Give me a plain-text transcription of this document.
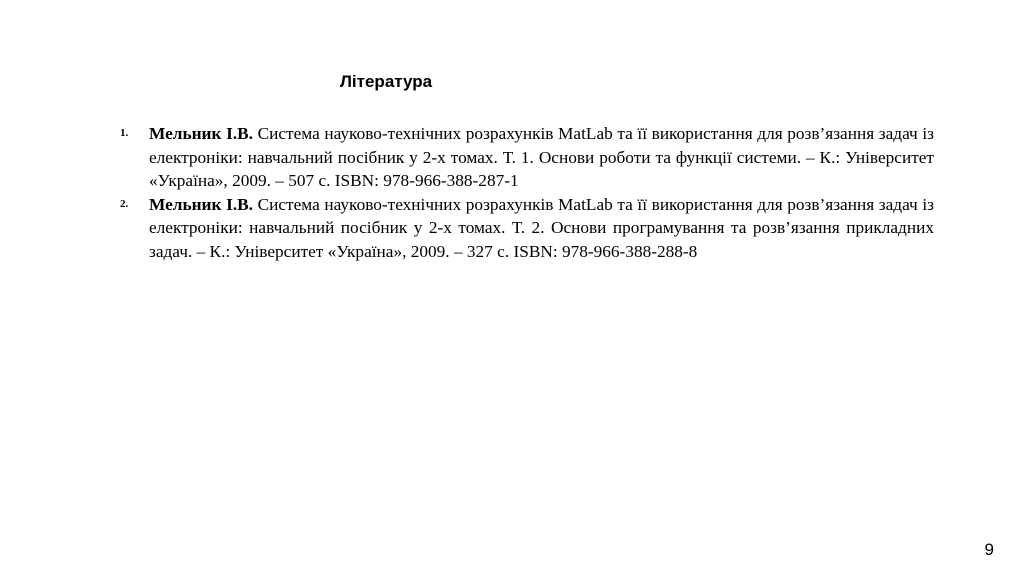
Література
1. Мельник І.В. Система науково-технічних розрахунків MatLab та її використання для розв’язання задач із електроніки: навчальний посібник у 2-х томах. Т. 1. Основи роботи та функції системи. – К.: Університет «Україна», 2009. – 507 с. ISBN: 978-966-388-287-1
2. Мельник І.В. Система науково-технічних розрахунків MatLab та її використання для розв’язання задач із електроніки: навчальний посібник у 2-х томах. Т. 2. Основи програмування та розв’язання прикладних задач. – К.: Університет «Україна», 2009. – 327 с. ISBN: 978-966-388-288-8
9
